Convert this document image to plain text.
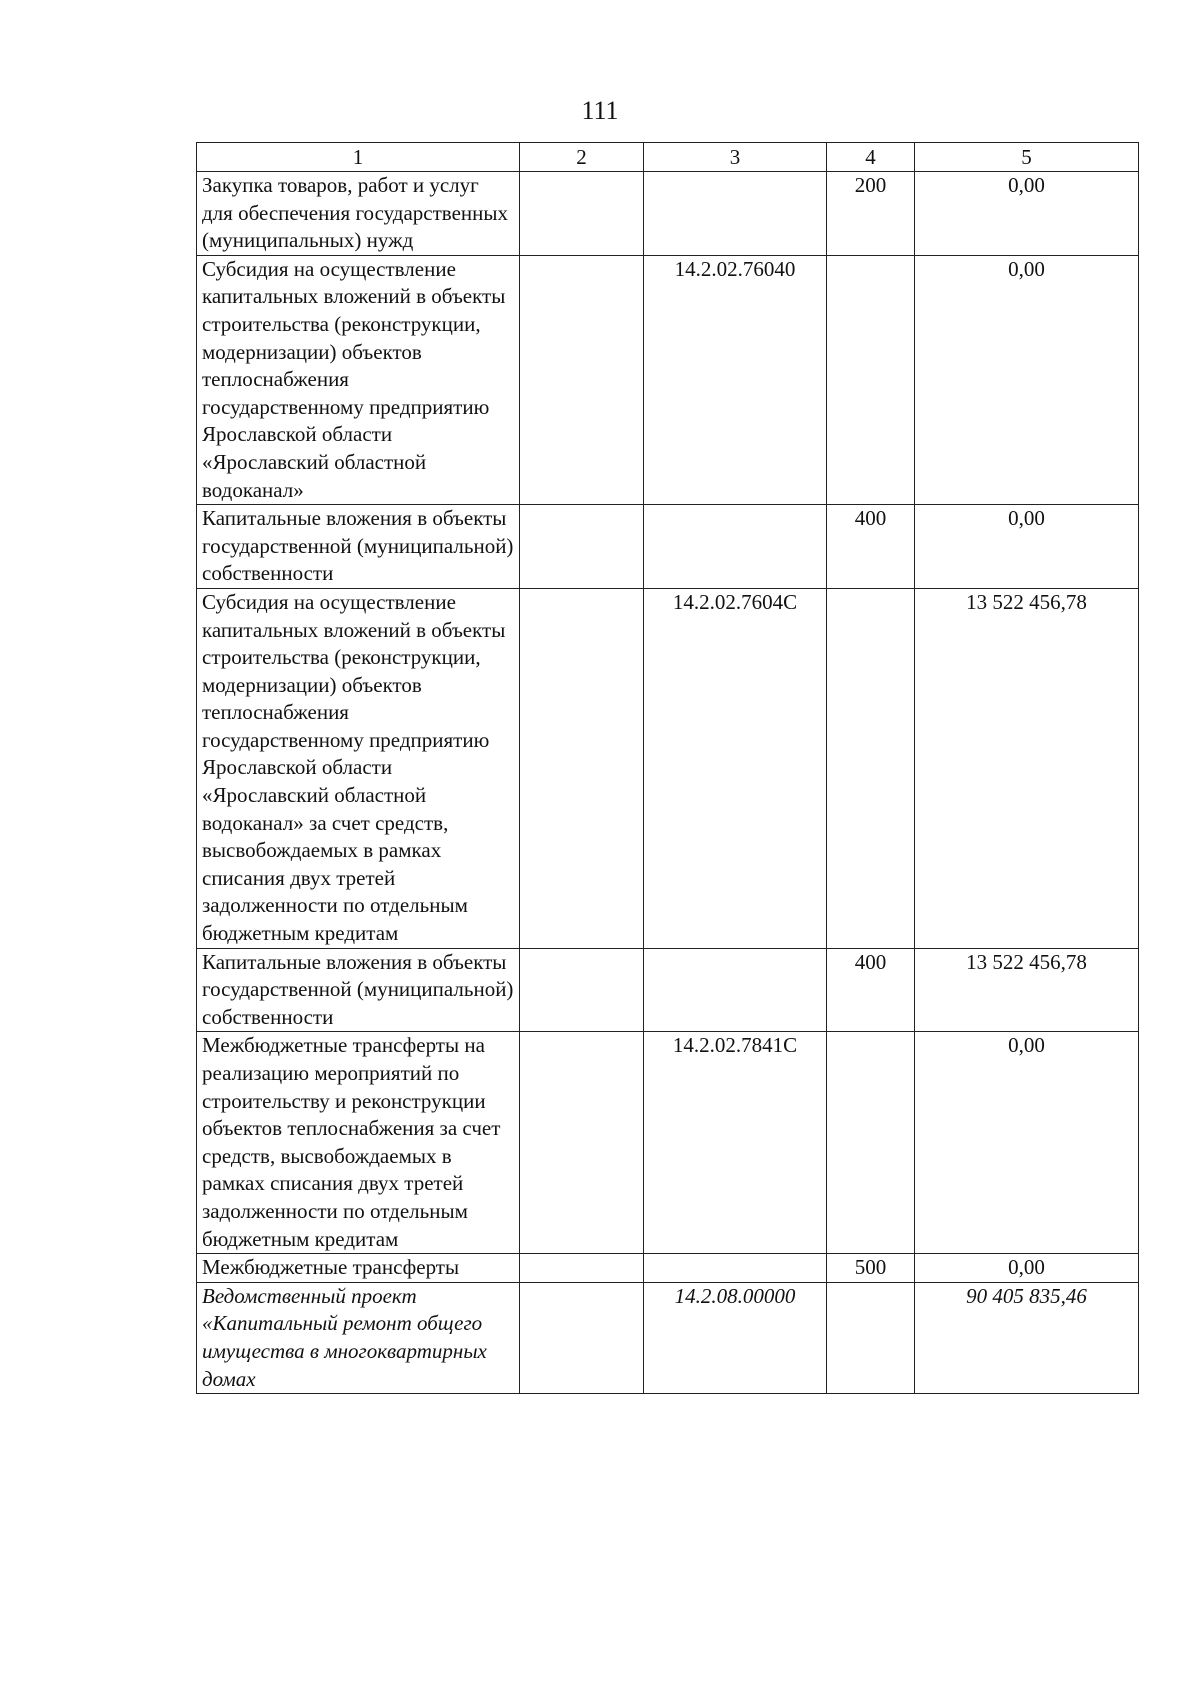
111
1	2	3	4	5
Закупка товаров, работ и услуг для обеспечения государственных (муниципальных) нужд			200	0,00
Субсидия на осуществление капитальных вложений в объекты строительства (реконструкции, модернизации) объектов теплоснабжения государственному предприятию Ярославской области «Ярославский областной водоканал»		14.2.02.76040		0,00
Капитальные вложения в объекты государственной (муниципальной) собственности			400	0,00
Субсидия на осуществление капитальных вложений в объекты строительства (реконструкции, модернизации) объектов теплоснабжения государственному предприятию Ярославской области «Ярославский областной водоканал» за счет средств, высвобождаемых в рамках списания двух третей задолженности по отдельным бюджетным кредитам		14.2.02.7604С		13 522 456,78
Капитальные вложения в объекты государственной (муниципальной) собственности			400	13 522 456,78
Межбюджетные трансферты на реализацию мероприятий по строительству и реконструкции объектов теплоснабжения за счет средств, высвобождаемых в рамках списания двух третей задолженности по отдельным бюджетным кредитам		14.2.02.7841С		0,00
Межбюджетные трансферты			500	0,00
Ведомственный проект «Капитальный ремонт общего имущества в многоквартирных домах		14.2.08.00000		90 405 835,46
